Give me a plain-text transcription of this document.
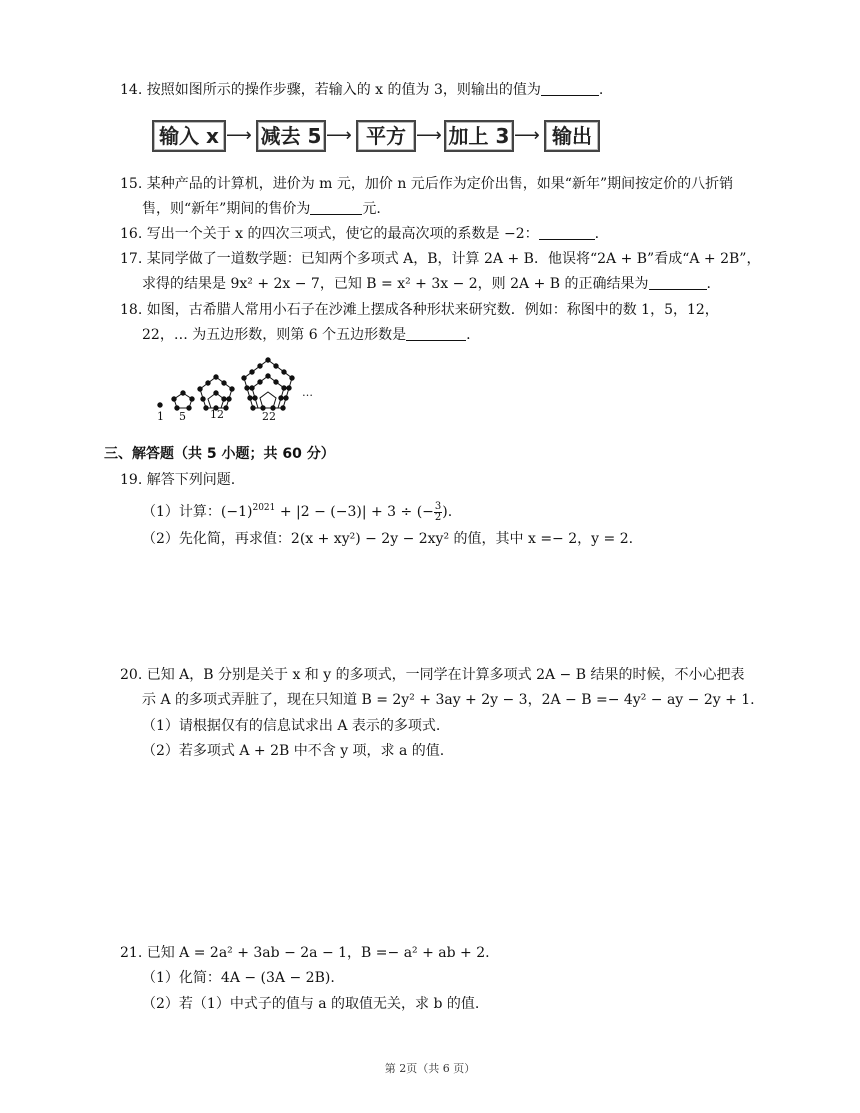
14. 按照如图所示的操作步骤，若输入的 x 的值为 3，则输出的值为	.
输入 x ⟶ 减去 5 ⟶ 平方 ⟶ 加上 3 ⟶ 输出
15. 某种产品的计算机，进价为 m 元，加价 n 元后作为定价出售，如果“新年”期间按定价的八折销
售，则“新年”期间的售价为	元.
16. 写出一个关于 x 的四次三项式，使它的最高次项的系数是 −2：	.
17. 某同学做了一道数学题：已知两个多项式 A，B，计算 2A + B．他误将“2A + B”看成“A + 2B”，
求得的结果是 9x² + 2x − 7，已知 B = x² + 3x − 2，则 2A + B 的正确结果为	.
18. 如图，古希腊人常用小石子在沙滩上摆成各种形状来研究数．例如：称图中的数 1，5，12，
22，… 为五边形数，则第 6 个五边形数是	.
1 5 12	22
…
三、解答题（共 5 小题；共 60 分）
19. 解答下列问题.
（1）计算：$(-1)^{2021} + |2 - (-3)| + 3$ ÷ (− $\frac{3}{2}$ ).
（2）先化简，再求值：2(x + xy²) − 2y − 2xy² 的值，其中 x =− 2，y = 2.
20. 已知 A，B 分别是关于 x 和 y 的多项式，一同学在计算多项式 2A − B 结果的时候，不小心把表
示 A 的多项式弄脏了，现在只知道 B = 2y² + 3ay + 2y − 3，2A − B =− 4y² − ay − 2y + 1.
（1）请根据仅有的信息试求出 A 表示的多项式.
（2）若多项式 A + 2B 中不含 y 项，求 a 的值.
21. 已知 A = 2a² + 3ab − 2a − 1，B =− a² + ab + 2.
（1）化简：4A − (3A − 2B).
（2）若（1）中式子的值与 a 的取值无关，求 b 的值.
第 2页（共 6 页）
